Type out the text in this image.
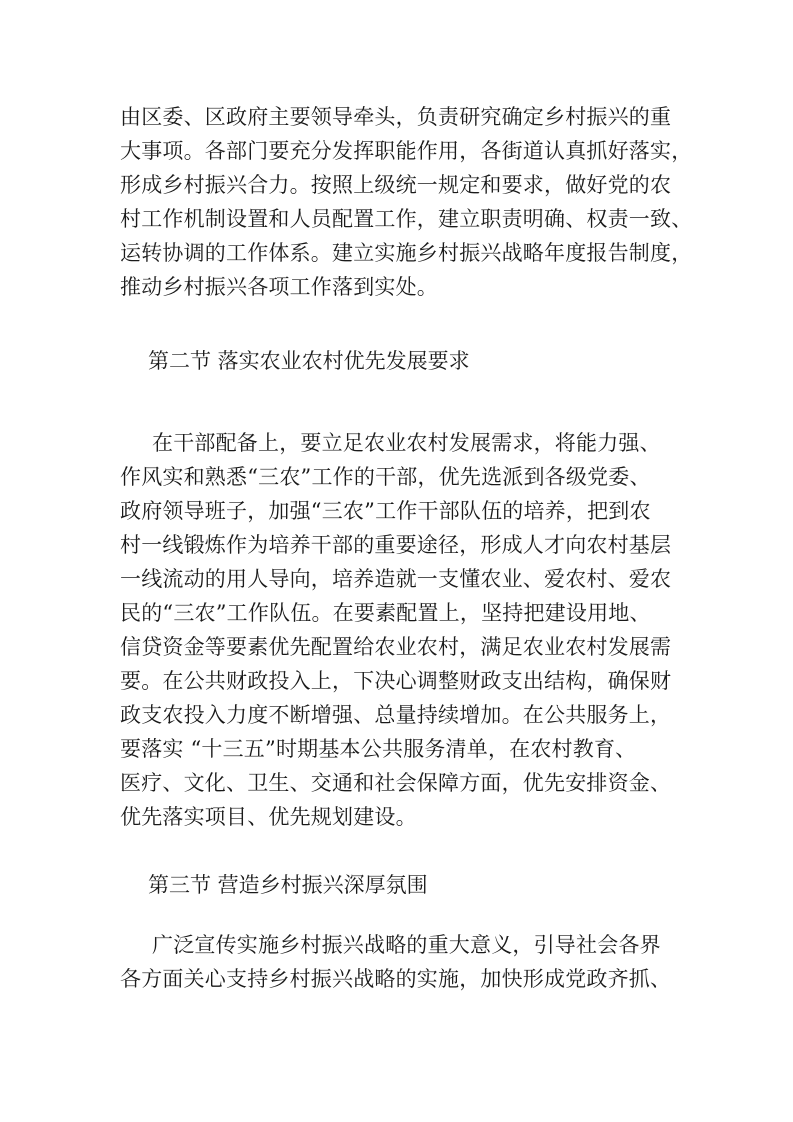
由区委、区政府主要领导牵头，负责研究确定乡村振兴的重
大事项。各部门要充分发挥职能作用，各街道认真抓好落实，
形成乡村振兴合力。按照上级统一规定和要求，做好党的农
村工作机制设置和人员配置工作，建立职责明确、权责一致、
运转协调的工作体系。建立实施乡村振兴战略年度报告制度，
推动乡村振兴各项工作落到实处。
第二节 落实农业农村优先发展要求
在干部配备上，要立足农业农村发展需求，将能力强、
作风实和熟悉“三农”工作的干部，优先选派到各级党委、
政府领导班子，加强“三农”工作干部队伍的培养，把到农
村一线锻炼作为培养干部的重要途径，形成人才向农村基层
一线流动的用人导向，培养造就一支懂农业、爱农村、爱农
民的“三农”工作队伍。在要素配置上，坚持把建设用地、
信贷资金等要素优先配置给农业农村，满足农业农村发展需
要。在公共财政投入上，下决心调整财政支出结构，确保财
政支农投入力度不断增强、总量持续增加。在公共服务上，
要落实 “十三五”时期基本公共服务清单，在农村教育、
医疗、文化、卫生、交通和社会保障方面，优先安排资金、
优先落实项目、优先规划建设。
第三节 营造乡村振兴深厚氛围
广泛宣传实施乡村振兴战略的重大意义，引导社会各界
各方面关心支持乡村振兴战略的实施，加快形成党政齐抓、
